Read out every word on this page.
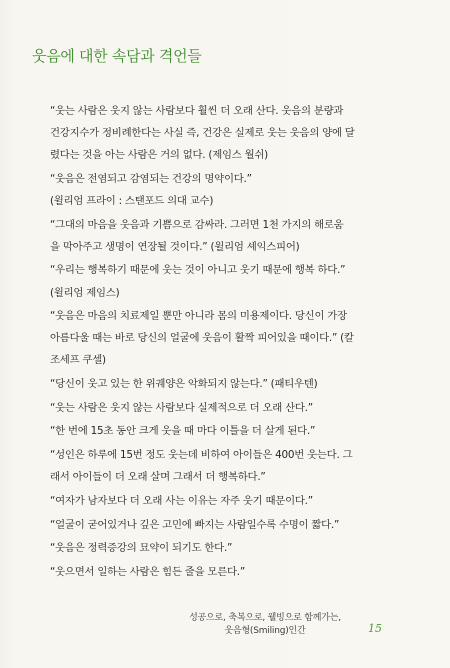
웃음에 대한 속담과 격언들

“웃는 사람은 웃지 않는 사람보다 훨씬 더 오래 산다. 웃음의 분량과
건강지수가 정비례한다는 사실 즉, 건강은 실제로 웃는 웃음의 양에 달
렸다는 것을 아는 사람은 거의 없다. (제임스 월쉬)

“웃음은 전염되고 감염되는 건강의 명약이다.”
(윌리엄 프라이 : 스탠포드 의대 교수)

“그대의 마음을 웃음과 기쁨으로 감싸라. 그러면 1천 가지의 해로움
을 막아주고 생명이 연장될 것이다.” (윌리엄 셰익스피어)

“우리는 행복하기 때문에 웃는 것이 아니고 웃기 때문에 행복 하다.”
(윌리엄 제임스)

“웃음은 마음의 치료제일 뿐만 아니라 몸의 미용제이다. 당신이 가장
아름다울 때는 바로 당신의 얼굴에 웃음이 활짝 피어있을 때이다.” (칼
조세프 쿠셀)

“당신이 웃고 있는 한 위궤양은 악화되지 않는다.” (패티우텐)

“웃는 사람은 웃지 않는 사람보다 실제적으로 더 오래 산다.”

“한 번에 15초 동안 크게 웃을 때 마다 이틀을 더 살게 된다.”

“성인은 하루에 15번 정도 웃는데 비하여 아이들은 400번 웃는다. 그
래서 아이들이 더 오래 살며 그래서 더 행복하다.”

“여자가 남자보다 더 오래 사는 이유는 자주 웃기 때문이다.”

“얼굴이 굳어있거나 깊은 고민에 빠지는 사람일수록 수명이 짧다.”

“웃음은 정력증강의 묘약이 되기도 한다.”

“웃으면서 일하는 사람은 힘든 줄을 모른다.”

성공으로, 축복으로, 웰빙으로 함께가는,
웃음형(Smiling)인간	15
